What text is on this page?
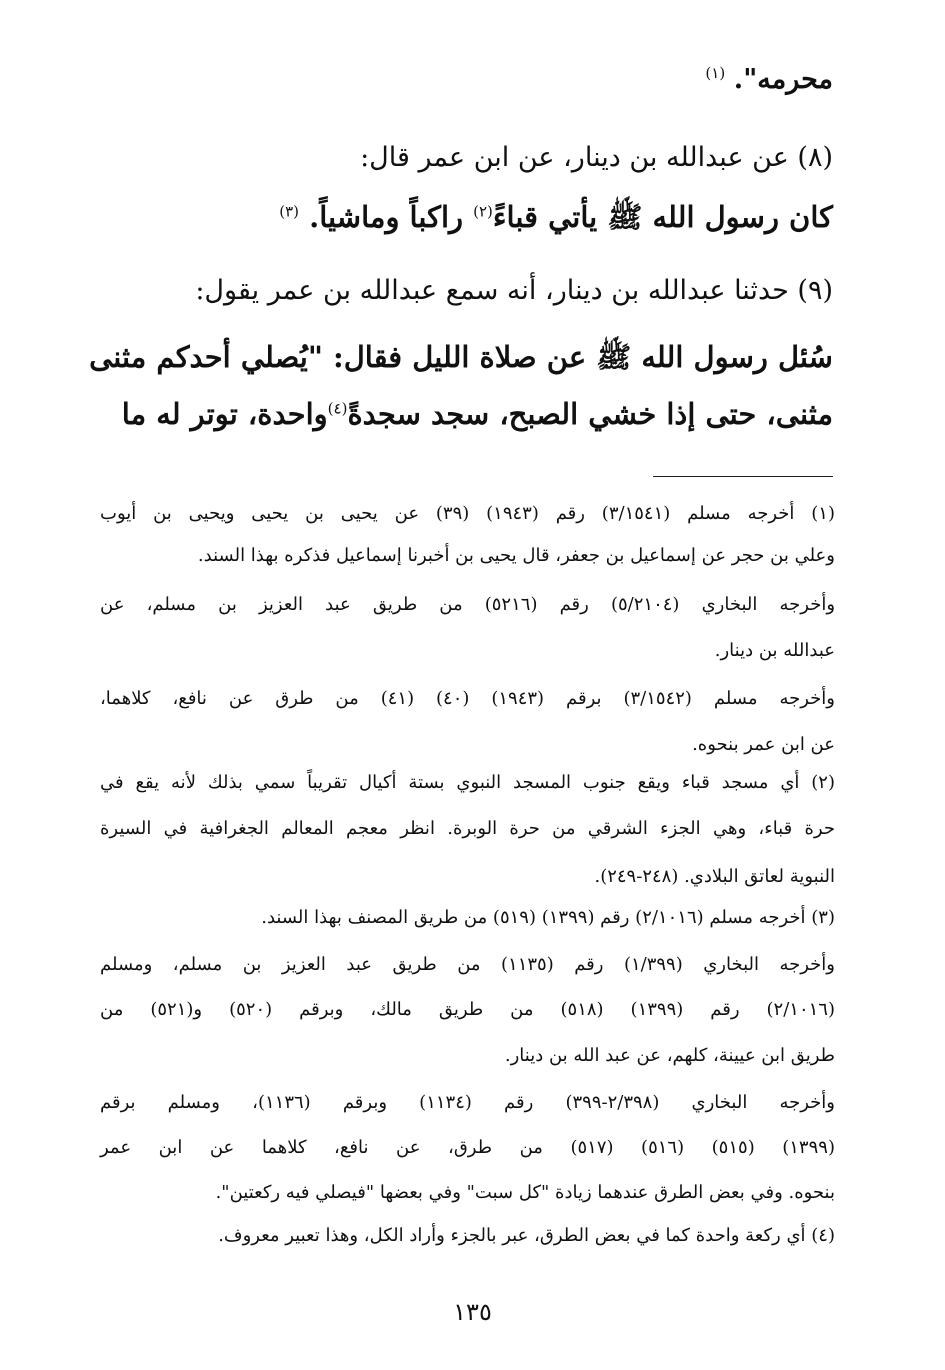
محرمه". $^{(١)}$
(٨) عن عبدالله بن دينار، عن ابن عمر قال:
كان رسول الله ﷺ يأتي قباءً$^{(٢)}$ راكباً وماشياً. $^{(٣)}$
(٩) حدثنا عبدالله بن دينار، أنه سمع عبدالله بن عمر يقول:
سُئل رسول الله ﷺ عن صلاة الليل فقال: "يُصلي أحدكم مثنى
مثنى، حتى إذا خشي الصبح، سجد سجدةً$^{(٤)}$واحدة، توتر له ما
(١) أخرجه مسلم (٣/١٥٤١) رقم (١٩٤٣) (٣٩) عن يحيى بن يحيى ويحيى بن أيوب
وعلي بن حجر عن إسماعيل بن جعفر، قال يحيى بن أخبرنا إسماعيل فذكره بهذا السند.
وأخرجه البخاري (٥/٢١٠٤) رقم (٥٢١٦) من طريق عبد العزيز بن مسلم، عن
عبدالله بن دينار.
وأخرجه مسلم (٣/١٥٤٢) برقم (١٩٤٣) (٤٠) (٤١) من طرق عن نافع، كلاهما،
عن ابن عمر بنحوه.
(٢) أي مسجد قباء ويقع جنوب المسجد النبوي بستة أكيال تقريباً سمي بذلك لأنه يقع في
حرة قباء، وهي الجزء الشرقي من حرة الوبرة. انظر معجم المعالم الجغرافية في السيرة
النبوية لعاتق البلادي. (٢٤٨-٢٤٩).
(٣) أخرجه مسلم (٢/١٠١٦) رقم (١٣٩٩) (٥١٩) من طريق المصنف بهذا السند.
وأخرجه البخاري (١/٣٩٩) رقم (١١٣٥) من طريق عبد العزيز بن مسلم، ومسلم
(٢/١٠١٦) رقم (١٣٩٩) (٥١٨) من طريق مالك، وبرقم (٥٢٠) و(٥٢١) من
طريق ابن عيينة، كلهم، عن عبد الله بن دينار.
وأخرجه البخاري (٢/٣٩٨-٣٩٩) رقم (١١٣٤) وبرقم (١١٣٦)، ومسلم برقم
(١٣٩٩) (٥١٥) (٥١٦) (٥١٧) من طرق، عن نافع، كلاهما عن ابن عمر
بنحوه. وفي بعض الطرق عندهما زيادة "كل سبت" وفي بعضها "فيصلي فيه ركعتين".
(٤) أي ركعة واحدة كما في بعض الطرق، عبر بالجزء وأراد الكل، وهذا تعبير معروف.
١٣٥
